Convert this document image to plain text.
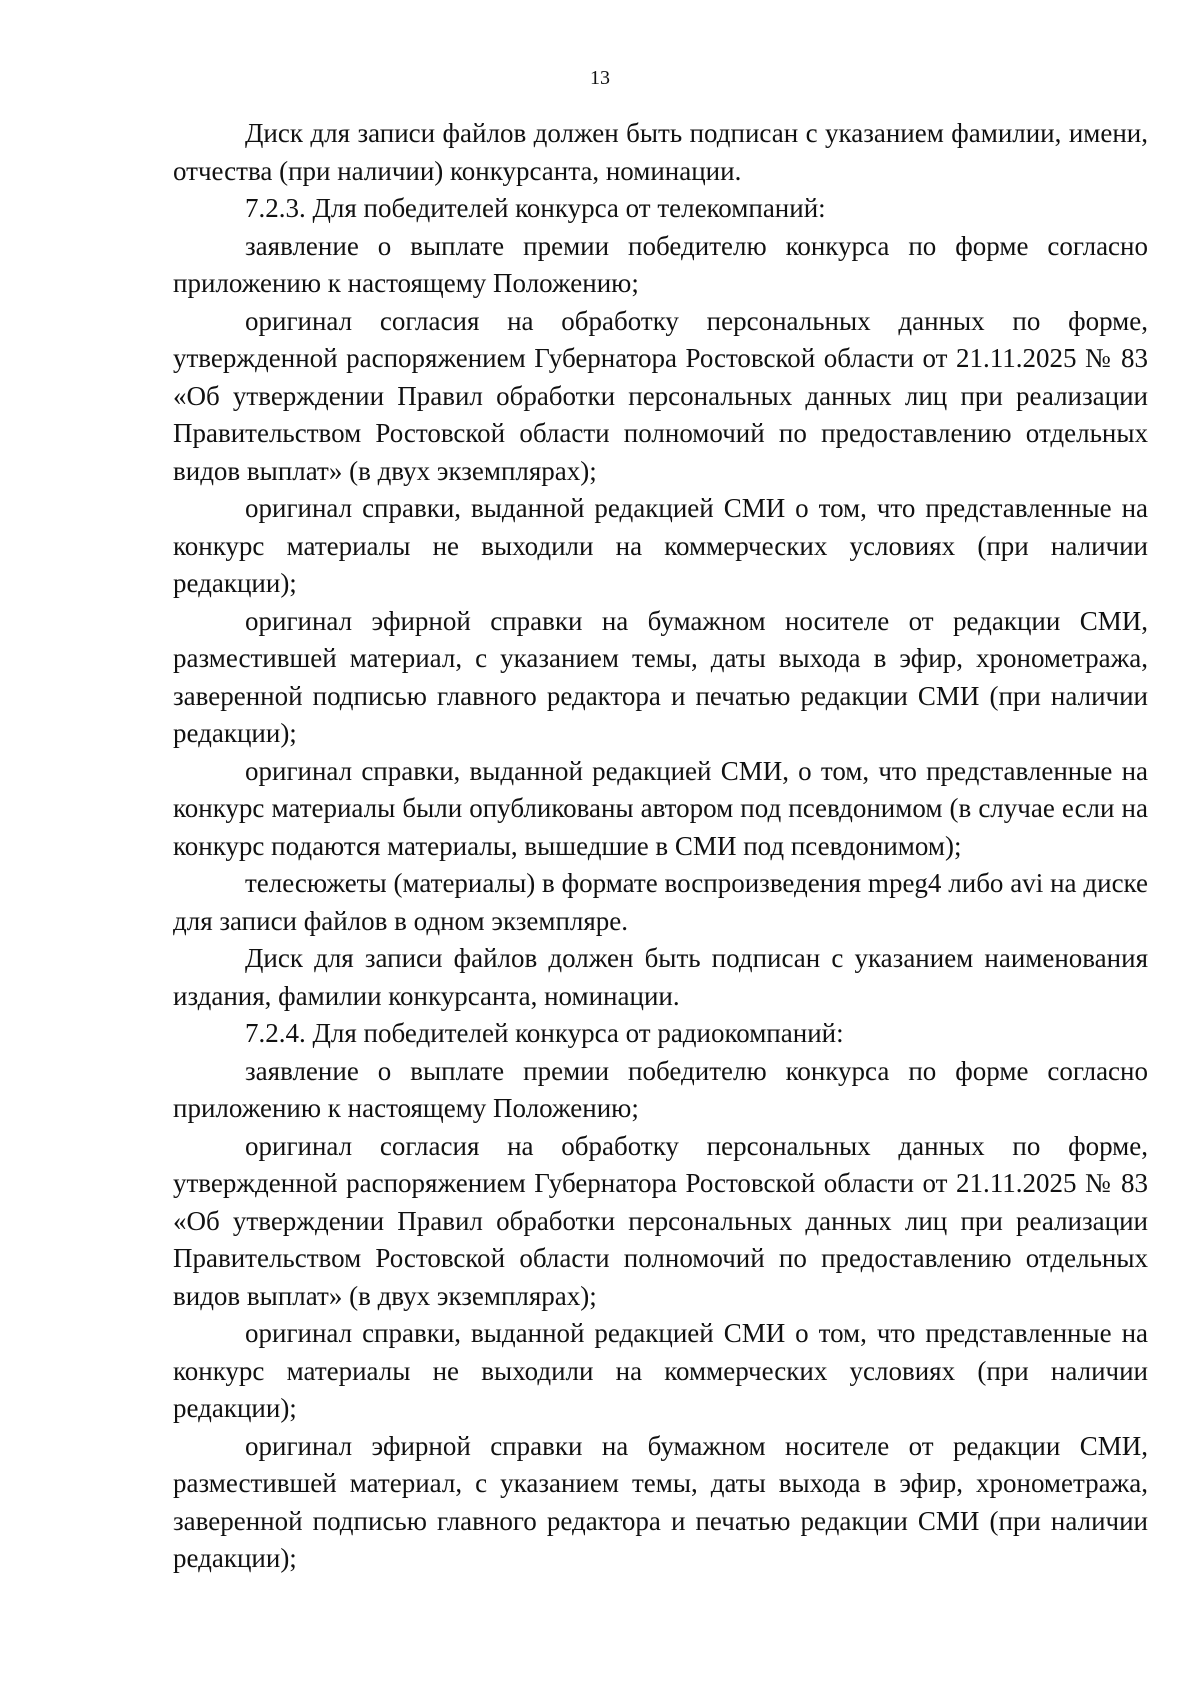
13

Диск для записи файлов должен быть подписан с указанием фамилии, имени, отчества (при наличии) конкурсанта, номинации.

7.2.3. Для победителей конкурса от телекомпаний:

заявление о выплате премии победителю конкурса по форме согласно приложению к настоящему Положению;

оригинал согласия на обработку персональных данных по форме, утвержденной распоряжением Губернатора Ростовской области от 21.11.2025 № 83 «Об утверждении Правил обработки персональных данных лиц при реализации Правительством Ростовской области полномочий по предоставлению отдельных видов выплат» (в двух экземплярах);

оригинал справки, выданной редакцией СМИ о том, что представленные на конкурс материалы не выходили на коммерческих условиях (при наличии редакции);

оригинал эфирной справки на бумажном носителе от редакции СМИ, разместившей материал, с указанием темы, даты выхода в эфир, хронометража, заверенной подписью главного редактора и печатью редакции СМИ (при наличии редакции);

оригинал справки, выданной редакцией СМИ, о том, что представленные на конкурс материалы были опубликованы автором под псевдонимом (в случае если на конкурс подаются материалы, вышедшие в СМИ под псевдонимом);

телесюжеты (материалы) в формате воспроизведения mpeg4 либо avi на диске для записи файлов в одном экземпляре.

Диск для записи файлов должен быть подписан с указанием наименования издания, фамилии конкурсанта, номинации.

7.2.4. Для победителей конкурса от радиокомпаний:

заявление о выплате премии победителю конкурса по форме согласно приложению к настоящему Положению;

оригинал согласия на обработку персональных данных по форме, утвержденной распоряжением Губернатора Ростовской области от 21.11.2025 № 83 «Об утверждении Правил обработки персональных данных лиц при реализации Правительством Ростовской области полномочий по предоставлению отдельных видов выплат» (в двух экземплярах);

оригинал справки, выданной редакцией СМИ о том, что представленные на конкурс материалы не выходили на коммерческих условиях (при наличии редакции);

оригинал эфирной справки на бумажном носителе от редакции СМИ, разместившей материал, с указанием темы, даты выхода в эфир, хронометража, заверенной подписью главного редактора и печатью редакции СМИ (при наличии редакции);
